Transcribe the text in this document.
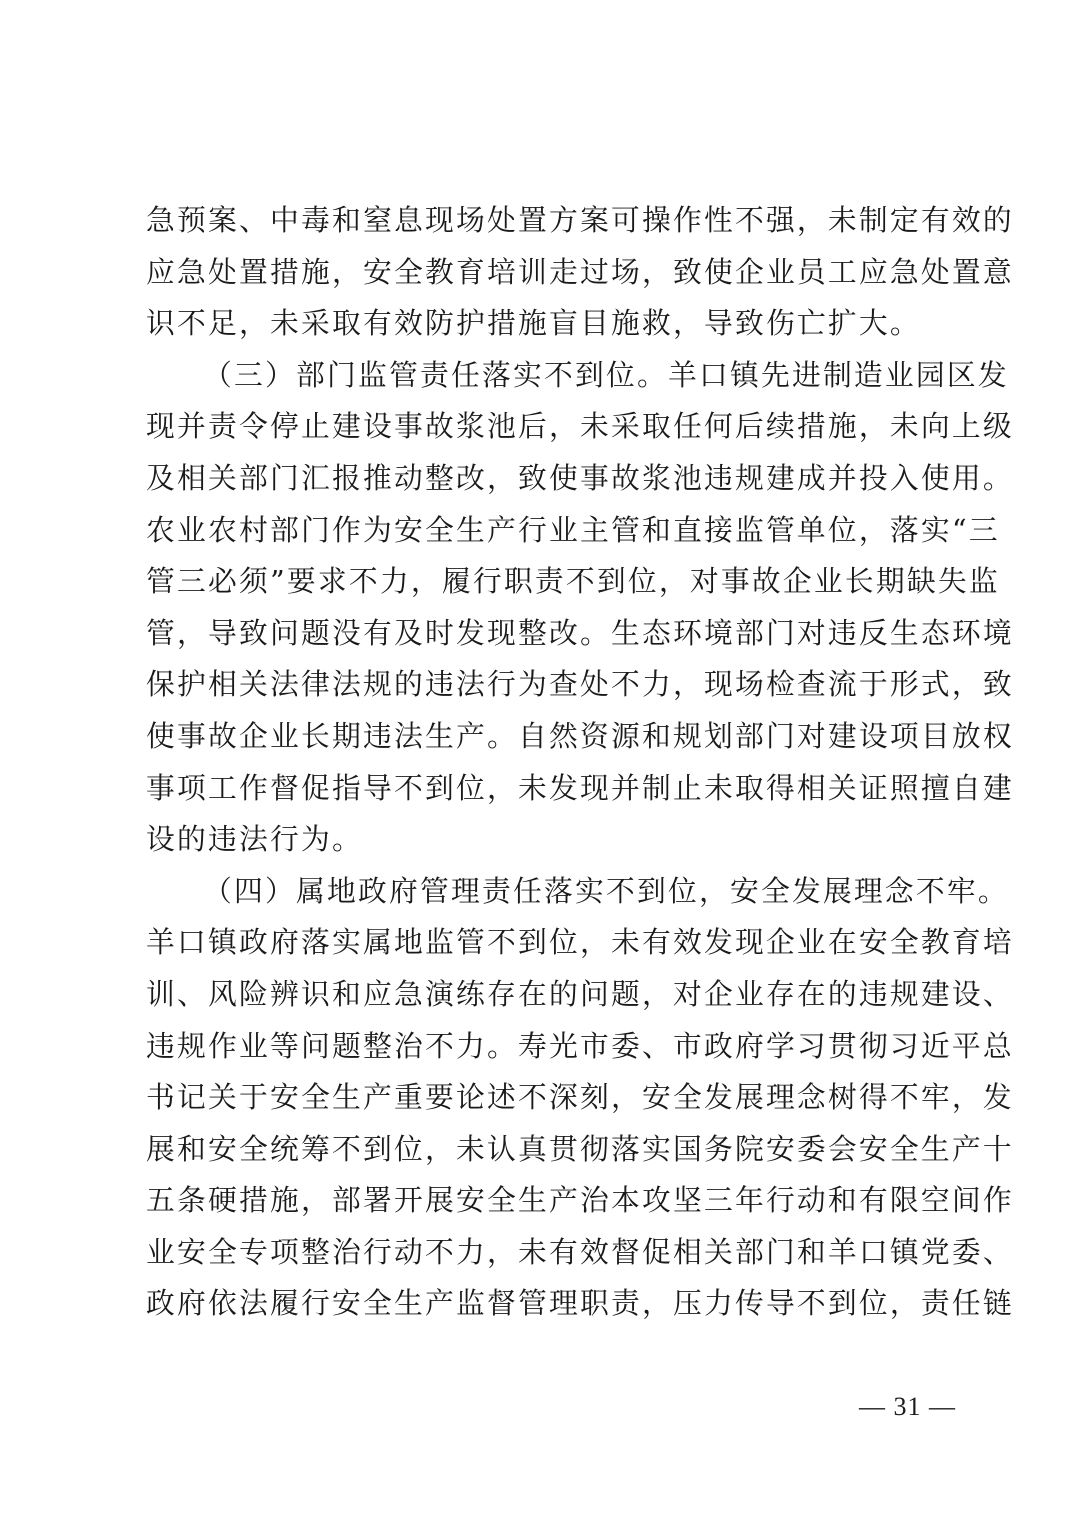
急预案、中毒和窒息现场处置方案可操作性不强，未制定有效的
应急处置措施，安全教育培训走过场，致使企业员工应急处置意
识不足，未采取有效防护措施盲目施救，导致伤亡扩大。
（三）部门监管责任落实不到位。羊口镇先进制造业园区发
现并责令停止建设事故浆池后，未采取任何后续措施，未向上级
及相关部门汇报推动整改，致使事故浆池违规建成并投入使用。
农业农村部门作为安全生产行业主管和直接监管单位，落实“三
管三必须”要求不力，履行职责不到位，对事故企业长期缺失监
管，导致问题没有及时发现整改。生态环境部门对违反生态环境
保护相关法律法规的违法行为查处不力，现场检查流于形式，致
使事故企业长期违法生产。自然资源和规划部门对建设项目放权
事项工作督促指导不到位，未发现并制止未取得相关证照擅自建
设的违法行为。
（四）属地政府管理责任落实不到位，安全发展理念不牢。
羊口镇政府落实属地监管不到位，未有效发现企业在安全教育培
训、风险辨识和应急演练存在的问题，对企业存在的违规建设、
违规作业等问题整治不力。寿光市委、市政府学习贯彻习近平总
书记关于安全生产重要论述不深刻，安全发展理念树得不牢，发
展和安全统筹不到位，未认真贯彻落实国务院安委会安全生产十
五条硬措施，部署开展安全生产治本攻坚三年行动和有限空间作
业安全专项整治行动不力，未有效督促相关部门和羊口镇党委、
政府依法履行安全生产监督管理职责，压力传导不到位，责任链
— 31 —
